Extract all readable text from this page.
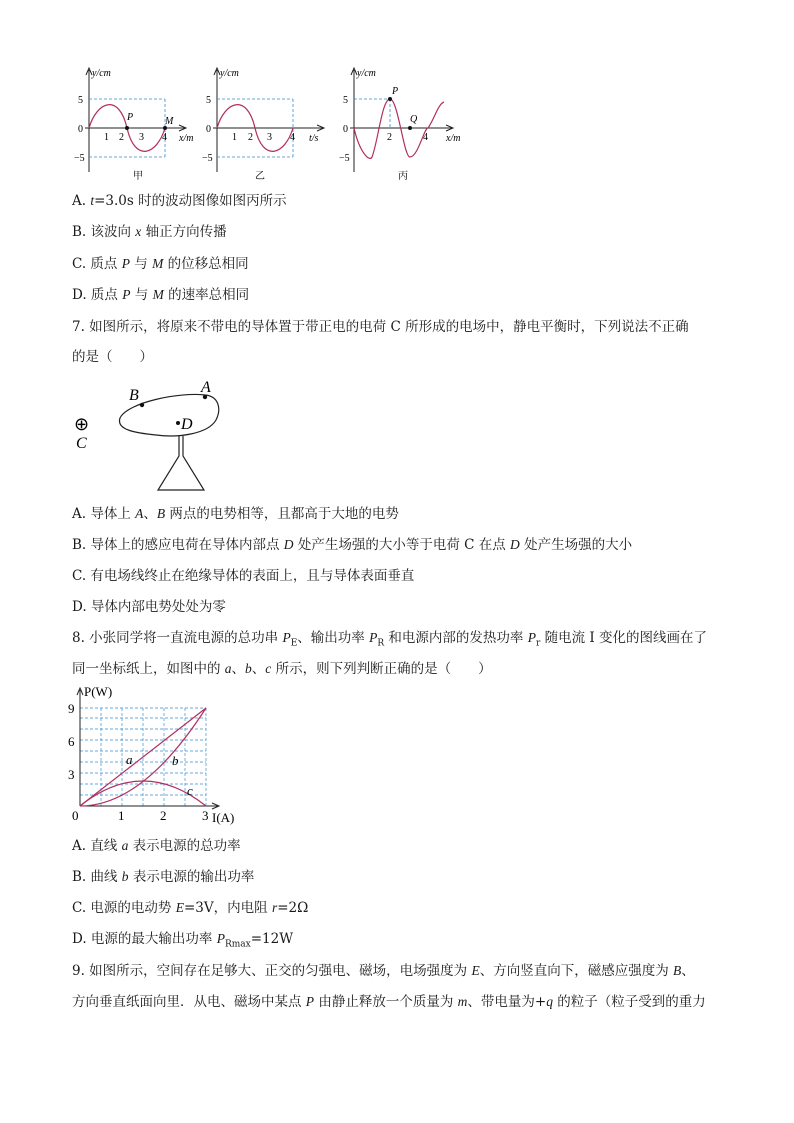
y/cm
x/m
1 2 3 4
5
0
−5
P	M
甲
y/cm
t/s
1 2 3 4
5
0
−5
乙
y/cm
x/m
2	4
5
0
−5
P
Q
丙
A. t=3.0s 时的波动图像如图丙所示
B. 该波向 x 轴正方向传播
C. 质点 P 与 M 的位移总相同
D. 质点 P 与 M 的速率总相同
7. 如图所示，将原来不带电的导体置于带正电的电荷 C 所形成的电场中，静电平衡时，下列说法不正确
的是（　　）
B	A
D
⊕
C
A. 导体上 A、B 两点的电势相等，且都高于大地的电势
B. 导体上的感应电荷在导体内部点 D 处产生场强的大小等于电荷 C 在点 D 处产生场强的大小
C. 有电场线终止在绝缘导体的表面上，且与导体表面垂直
D. 导体内部电势处处为零
8. 小张同学将一直流电源的总功串 $P_E$、输出功率 $P_R$ 和电源内部的发热功率 $P_r$ 随电流 I 变化的图线画在了
同一坐标纸上，如图中的 a、b、c 所示，则下列判断正确的是（　　）
P(W)
I(A)
0	1	2	3
9
6
3
a	b
c
A. 直线 a 表示电源的总功率
B. 曲线 b 表示电源的输出功率
C. 电源的电动势 E=3V，内电阻 r=2Ω
D. 电源的最大输出功率 $P_{Rmax}=12W$
9. 如图所示，空间存在足够大、正交的匀强电、磁场，电场强度为 E、方向竖直向下，磁感应强度为 B、
方向垂直纸面向里．从电、磁场中某点 P 由静止释放一个质量为 m、带电量为+q 的粒子（粒子受到的重力
